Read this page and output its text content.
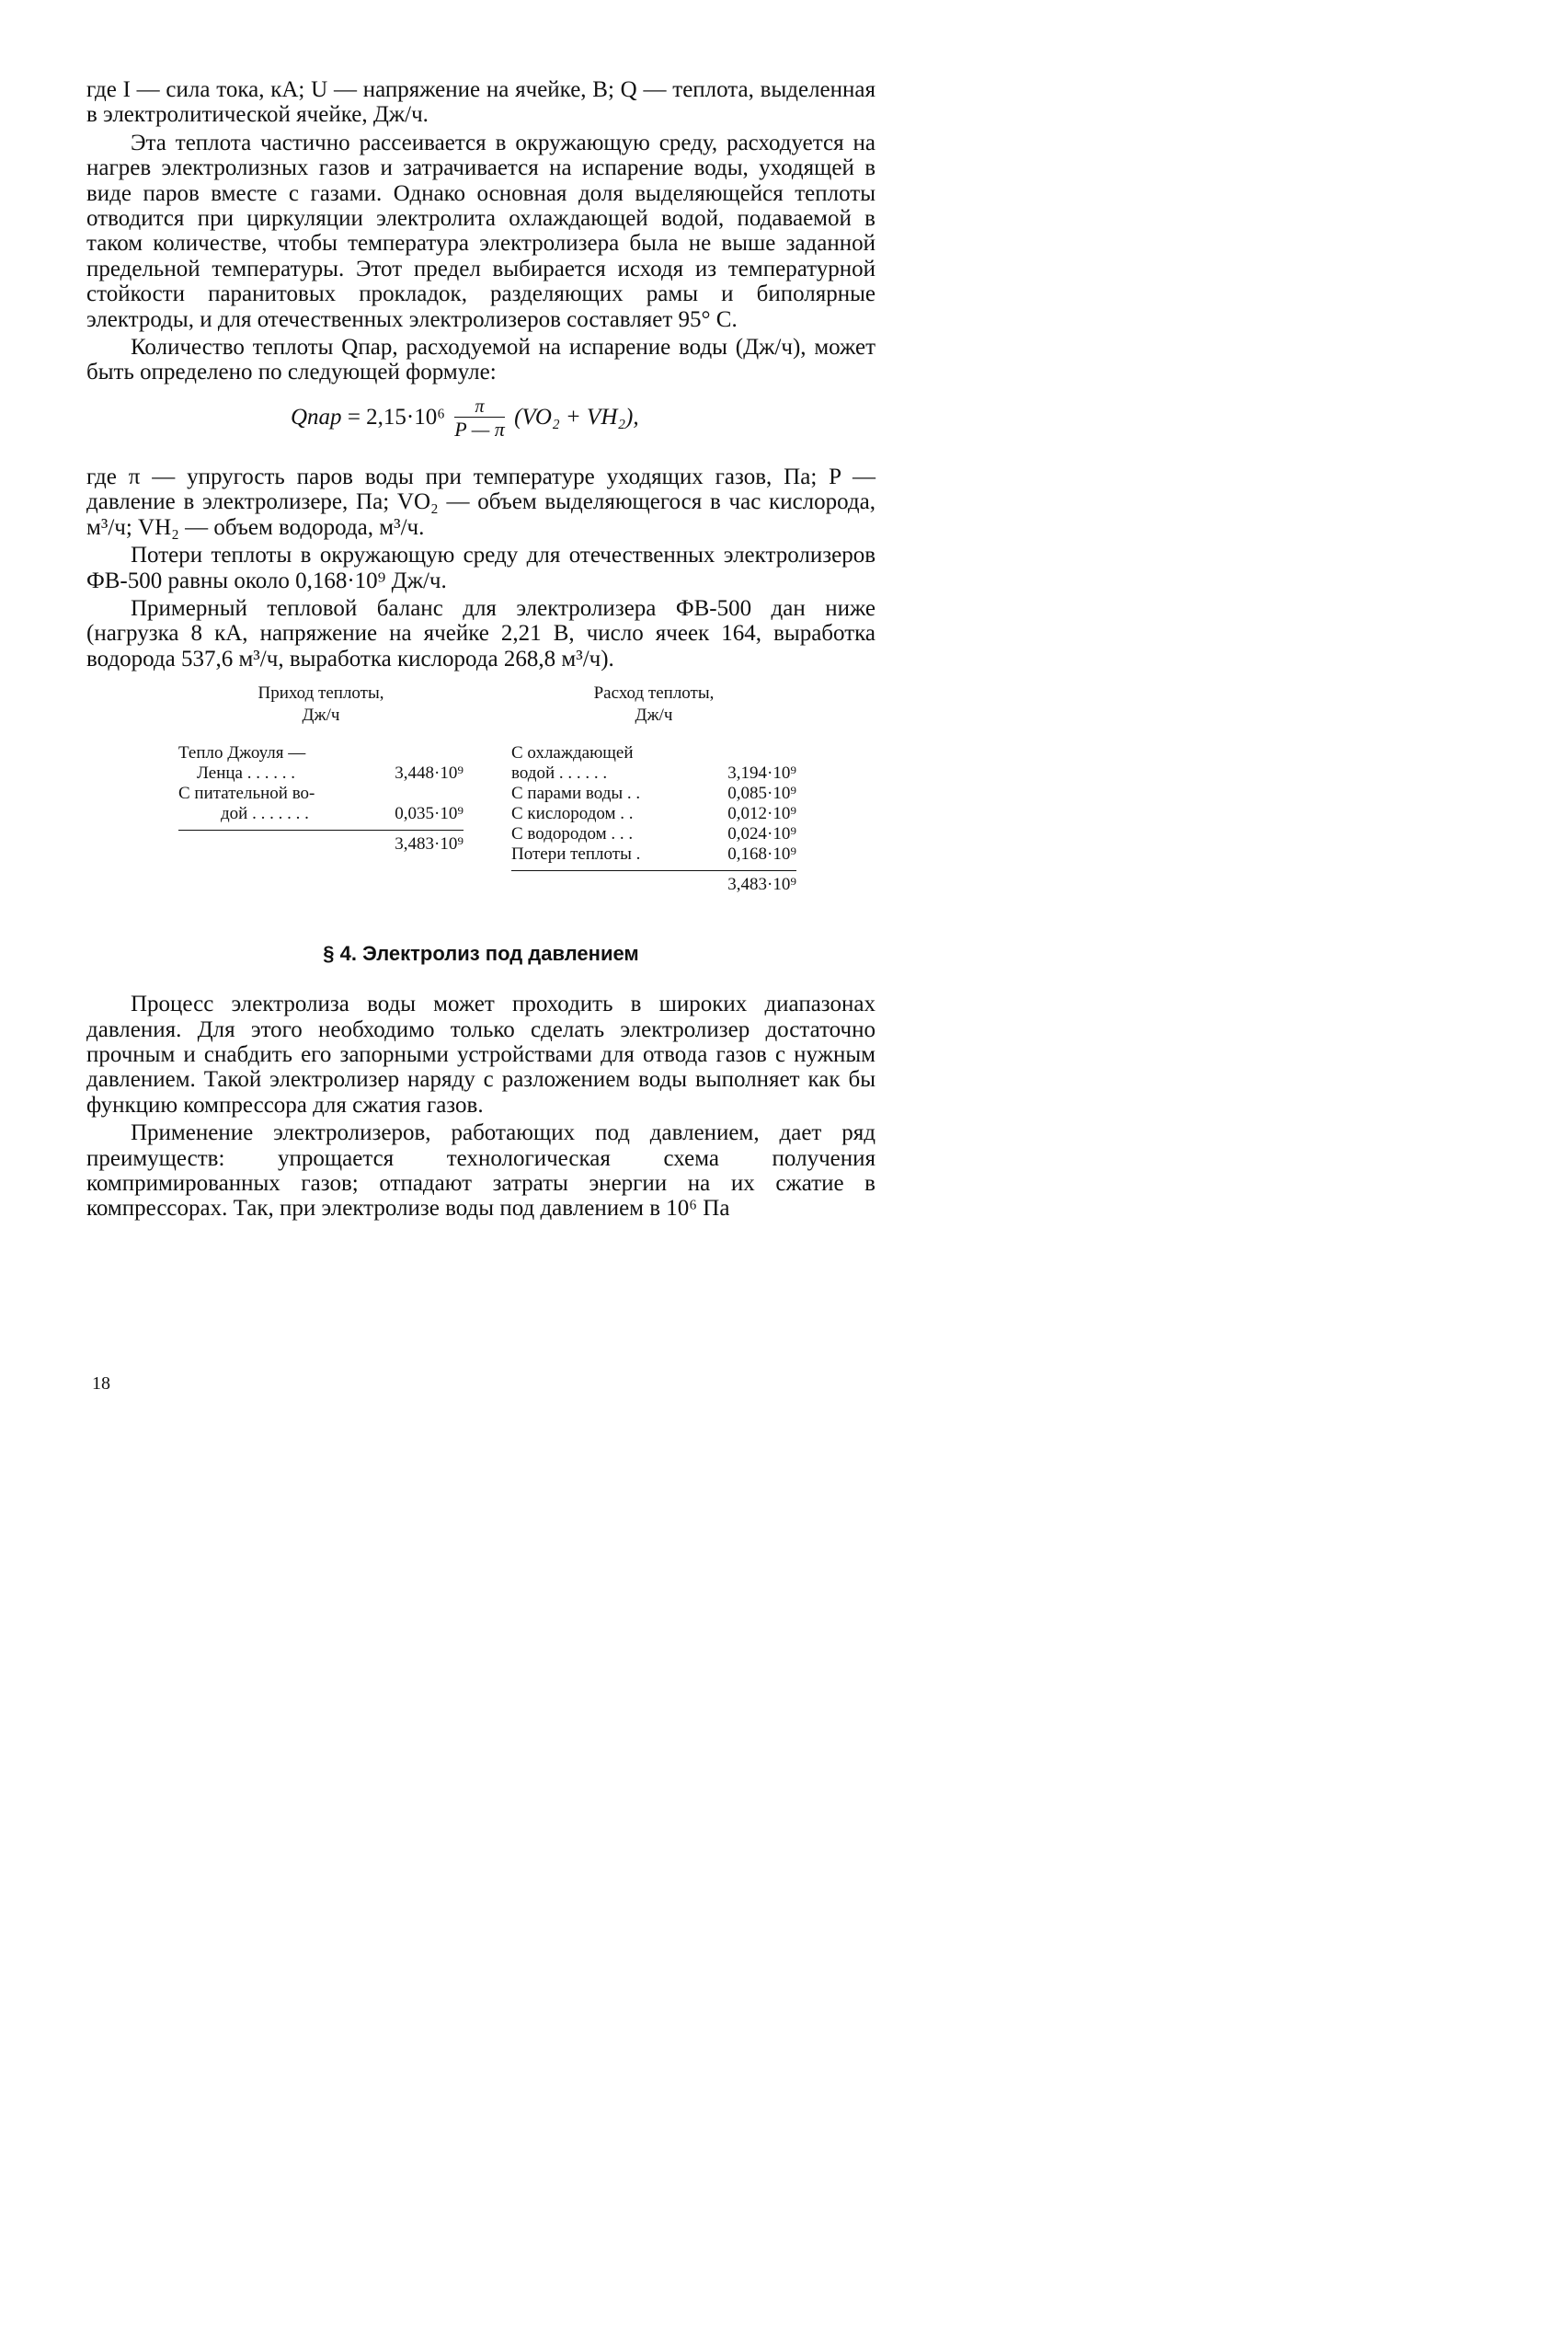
где I — сила тока, кА; U — напряжение на ячейке, В; Q — теплота, выделенная в электролитической ячейке, Дж/ч.

Эта теплота частично рассеивается в окружающую среду, расходуется на нагрев электролизных газов и затрачивается на испарение воды, уходящей в виде паров вместе с газами. Однако основная доля выделяющейся теплоты отводится при циркуляции электролита охлаждающей водой, подаваемой в таком количестве, чтобы температура электролизера была не выше заданной предельной температуры. Этот предел выбирается исходя из температурной стойкости паранитовых прокладок, разделяющих рамы и биполярные электроды, и для отечественных электролизеров составляет 95° С.

Количество теплоты Qпар, расходуемой на испарение воды (Дж/ч), может быть определено по следующей формуле:

Qпар = $2,15\cdot 10^6 \frac{\pi}{P — \pi} (VO_2 + VH_2)$,

где π — упругость паров воды при температуре уходящих газов, Па; P — давление в электролизере, Па; VO₂ — объем выделяющегося в час кислорода, м³/ч; VH₂ — объем водорода, м³/ч.

Потери теплоты в окружающую среду для отечественных электролизеров ФВ-500 равны около 0,168·10⁹ Дж/ч.

Примерный тепловой баланс для электролизера ФВ-500 дан ниже (нагрузка 8 кА, напряжение на ячейке 2,21 В, число ячеек 164, выработка водорода 537,6 м³/ч, выработка кислорода 268,8 м³/ч).

Приход теплоты,
Дж/ч
Тепло Джоуля —
Ленца . . . . . .	3,448·10⁹
С питательной во-
дой . . . . . . .	0,035·10⁹
3,483·10⁹
Расход теплоты,
Дж/ч
С охлаждающей
водой . . . . . .	3,194·10⁹
С парами воды . .	0,085·10⁹
С кислородом . .	0,012·10⁹
С водородом . . .	0,024·10⁹
Потери теплоты .	0,168·10⁹
3,483·10⁹
§ 4. Электролиз под давлением

Процесс электролиза воды может проходить в широких диапазонах давления. Для этого необходимо только сделать электролизер достаточно прочным и снабдить его запорными устройствами для отвода газов с нужным давлением. Такой электролизер наряду с разложением воды выполняет как бы функцию компрессора для сжатия газов.

Применение электролизеров, работающих под давлением, дает ряд преимуществ: упрощается технологическая схема получения компримированных газов; отпадают затраты энергии на их сжатие в компрессорах. Так, при электролизе воды под давлением в 10⁶ Па

18
